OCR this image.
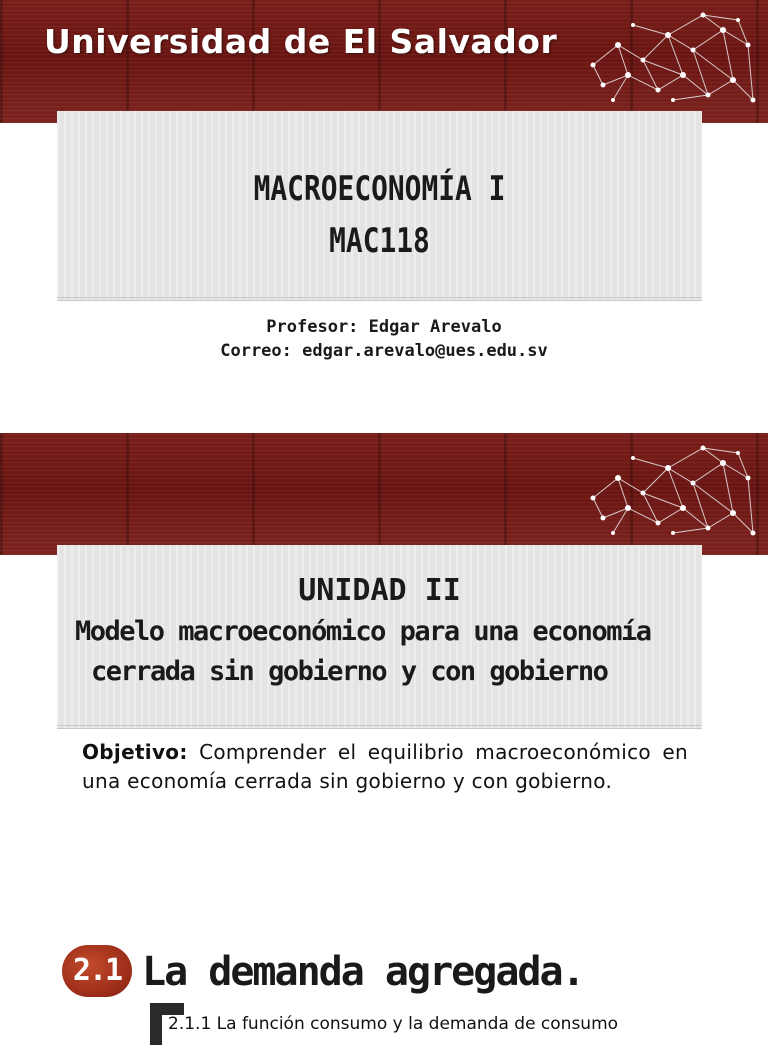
Universidad de El Salvador
MACROECONOMÍA I
MAC118
Profesor: Edgar Arevalo
Correo: edgar.arevalo@ues.edu.sv
UNIDAD II
Modelo macroeconómico para una economía
cerrada sin gobierno y con gobierno
Objetivo: Comprender el equilibrio macroeconómico en una economía cerrada sin gobierno y con gobierno.
2.1 La demanda agregada.
2.1.1 La función consumo y la demanda de consumo
